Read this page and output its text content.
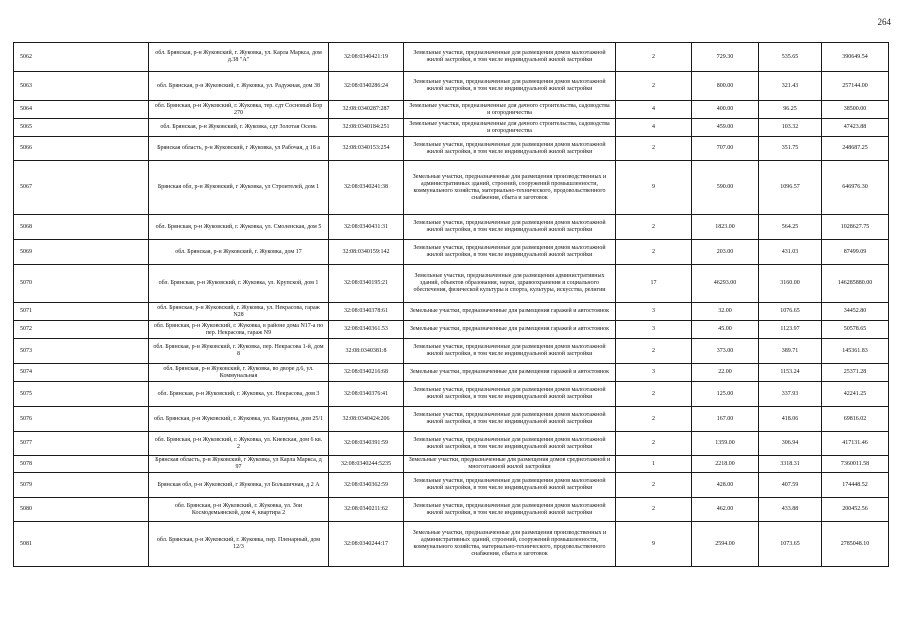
264
5062	обл. Брянская, р-н Жуковский, г. Жуковка, ул. Карла Маркса, дом д.38 "А"	32:08:0340421:19	Земельные участки, предназначенные для размещения домов малоэтажной жилой застройки, в том числе индивидуальной жилой застройки	2	729.30	535.65	390649.54
5063	обл. Брянская, р-н Жуковский, г. Жуковка, ул. Радужная, дом 38	32:08:0340286:24	Земельные участки, предназначенные для размещения домов малоэтажной жилой застройки, в том числе индивидуальной жилой застройки	2	800.00	321.43	257144.00
5064	обл. Брянская, р-н Жуковский, г. Жуковка, тер. сдт Сосновый Бор 270	32:08:0340287:287	Земельные участки, предназначенные для дачного строительства, садоводства и огородничества	4	400.00	96.25	38500.00
5065	обл. Брянская, р-н Жуковский, г. Жуковка, сдт Золотая Осень	32:08:0340184:251	Земельные участки, предназначенные для дачного строительства, садоводства и огородничества	4	459.00	103.32	47423.88
5066	Брянская область, р-н Жуковский, г Жуковка, ул Рабочая, д 18 а	32:08:0340153:254	Земельные участки, предназначенные для размещения домов малоэтажной жилой застройки, в том числе индивидуальной жилой застройки	2	707.00	351.75	248687.25
5067	Брянская обл, р-н Жуковский, г Жуковка, ул Строителей, дом 1	32:08:0340241:38	Земельные участки, предназначенные для размещения производственных и административных зданий, строений, сооружений промышленности, коммунального хозяйства, материально-технического, продовольственного снабжения, сбыта и заготовок	9	590.00	1096.57	646976.30
5068	обл. Брянская, р-н Жуковский, г. Жуковка, ул. Смоленская, дом 5	32:08:0340431:31	Земельные участки, предназначенные для размещения домов малоэтажной жилой застройки, в том числе индивидуальной жилой застройки	2	1823.00	564.25	1028627.75
5069	обл. Брянская, р-н Жуковский, г. Жуковка, дом 17	32:08:0340159:142	Земельные участки, предназначенные для размещения домов малоэтажной жилой застройки, в том числе индивидуальной жилой застройки	2	203.00	431.03	87499.09
5070	обл. Брянская, р-н Жуковский, г. Жуковка, ул. Крупской, дом 1	32:08:0340195:21	Земельные участки, предназначенные для размещения административных зданий, объектов образования, науки, здравоохранения и социального обеспечения, физической культуры и спорта, культуры, искусства, религии	17	46293.00	3160.00	146285880.00
5071	обл. Брянская, р-н Жуковский, г. Жуковка, ул. Некрасова, гараж N28	32:08:0340378:61	Земельные участки, предназначенные для размещения гаражей и автостоянок	3	32.00	1076.65	34452.80
5072	обл. Брянская, р-н Жуковский, г. Жуковка, в районе дома N17-а по пер. Некрасова, гараж N9	32:08:0340361.53	Земельные участки, предназначенные для размещения гаражей и автостоянок	3	45.00	1123.97	50578.65
5073	обл. Брянская, р-н Жуковский, г. Жуковка, пер. Некрасова 1-й, дом 8	32:08:0340381:8	Земельные участки, предназначенные для размещения домов малоэтажной жилой застройки, в том числе индивидуальной жилой застройки	2	373.00	389.71	145361.83
5074	обл. Брянская, р-н Жуковский, г. Жуковка, во дворе д.6, ул. Коммунальная	32:08:0340216:68	Земельные участки, предназначенные для размещения гаражей и автостоянок	3	22.00	1153.24	25371.28
5075	обл. Брянская, р-н Жуковский, г. Жуковка, ул. Некрасова, дом 3	32:08:0340376:41	Земельные участки, предназначенные для размещения домов малоэтажной жилой застройки, в том числе индивидуальной жилой застройки	2	125.00	337.93	42241.25
5076	обл. Брянская, р-н Жуковский, г. Жуковка, ул. Кашурина, дом 25/1	32:08:0340424:206	Земельные участки, предназначенные для размещения домов малоэтажной жилой застройки, в том числе индивидуальной жилой застройки	2	167.00	418.06	69816.02
5077	обл. Брянская, р-н Жуковский, г. Жуковка, ул. Киевская, дом 6 кв. 2	32:08:0340391:59	Земельные участки, предназначенные для размещения домов малоэтажной жилой застройки, в том числе индивидуальной жилой застройки	2	1359.00	306.94	417131.46
5078	Брянская область, р-н Жуковский, г Жуковка, ул Карла Маркса, д 97	32:08:0340244:5235	Земельные участки, предназначенные для размещения домов среднеэтажной и многоэтажной жилой застройки	1	2218.00	3318.31	7360011.58
5079	Брянская обл, р-н Жуковский, г Жуковка, ул Большичная, д 2 А	32:08:0340362:59	Земельные участки, предназначенные для размещения домов малоэтажной жилой застройки, в том числе индивидуальной жилой застройки	2	428.00	407.59	174448.52
5080	обл. Брянская, р-н Жуковский, г. Жуковка, ул. Зои Космодемьянской, дом 4, квартира 2	32:08:0340211:62	Земельные участки, предназначенные для размещения домов малоэтажной жилой застройки, в том числе индивидуальной жилой застройки	2	462.00	433.88	200452.56
5081	обл. Брянская, р-н Жуковский, г. Жуковка, пер. Пленарный, дом 12/3	32:08:0340244:17	Земельные участки, предназначенные для размещения производственных и административных зданий, строений, сооружений промышленности, коммунального хозяйства, материально-технического, продовольственного снабжения, сбыта и заготовок	9	2594.00	1073.65	2785048.10
